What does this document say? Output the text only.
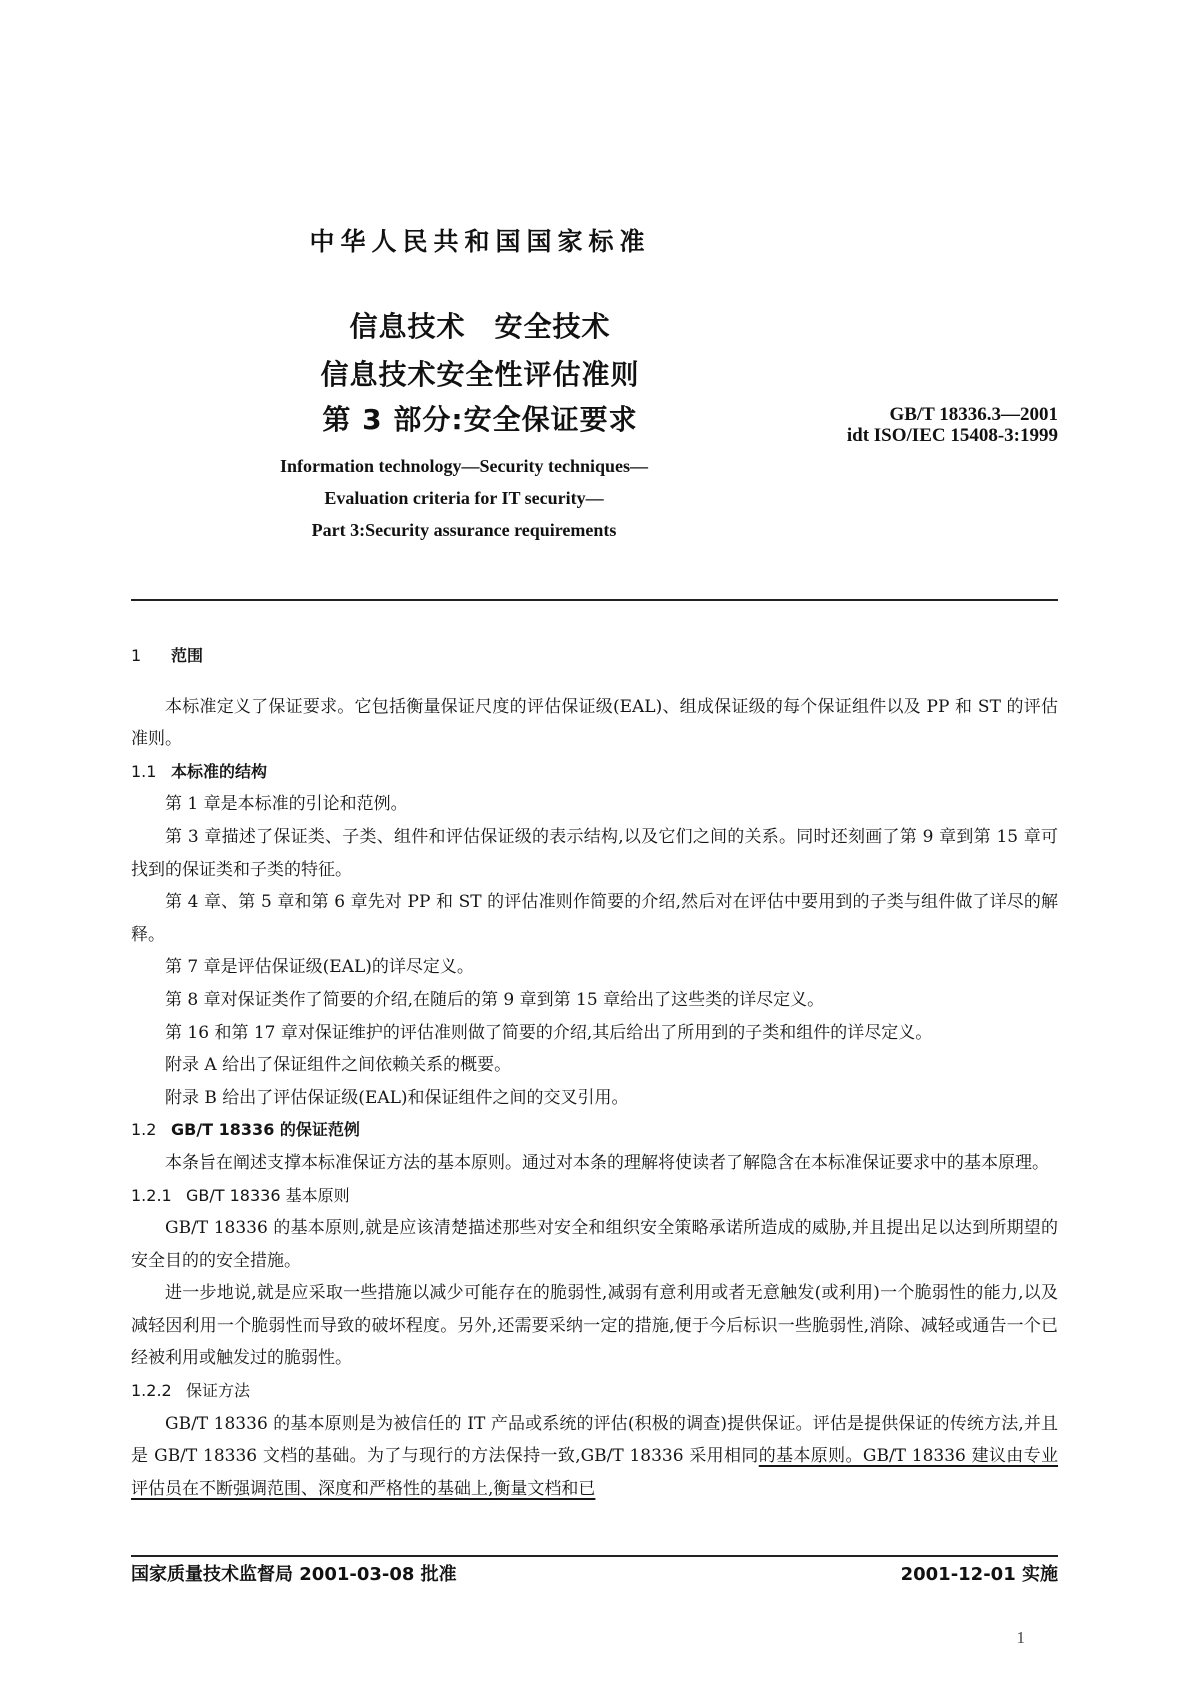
中华人民共和国国家标准
信息技术　安全技术
信息技术安全性评估准则
第 3 部分:安全保证要求	GB/T 18336.3—2001
idt ISO/IEC 15408-3:1999
Information technology—Security techniques—
Evaluation criteria for IT security—
Part 3:Security assurance requirements

1 范围

本标准定义了保证要求。它包括衡量保证尺度的评估保证级(EAL)、组成保证级的每个保证组件以及 PP 和 ST 的评估准则。

1.1 本标准的结构

第 1 章是本标准的引论和范例。

第 3 章描述了保证类、子类、组件和评估保证级的表示结构,以及它们之间的关系。同时还刻画了第 9 章到第 15 章可找到的保证类和子类的特征。

第 4 章、第 5 章和第 6 章先对 PP 和 ST 的评估准则作简要的介绍,然后对在评估中要用到的子类与组件做了详尽的解释。

第 7 章是评估保证级(EAL)的详尽定义。

第 8 章对保证类作了简要的介绍,在随后的第 9 章到第 15 章给出了这些类的详尽定义。

第 16 和第 17 章对保证维护的评估准则做了简要的介绍,其后给出了所用到的子类和组件的详尽定义。

附录 A 给出了保证组件之间依赖关系的概要。

附录 B 给出了评估保证级(EAL)和保证组件之间的交叉引用。

1.2 GB/T 18336 的保证范例

本条旨在阐述支撑本标准保证方法的基本原则。通过对本条的理解将使读者了解隐含在本标准保证要求中的基本原理。

1.2.1 GB/T 18336 基本原则

GB/T 18336 的基本原则,就是应该清楚描述那些对安全和组织安全策略承诺所造成的威胁,并且提出足以达到所期望的安全目的的安全措施。

进一步地说,就是应采取一些措施以减少可能存在的脆弱性,减弱有意利用或者无意触发(或利用)一个脆弱性的能力,以及减轻因利用一个脆弱性而导致的破坏程度。另外,还需要采纳一定的措施,便于今后标识一些脆弱性,消除、减轻或通告一个已经被利用或触发过的脆弱性。

1.2.2 保证方法

GB/T 18336 的基本原则是为被信任的 IT 产品或系统的评估(积极的调查)提供保证。评估是提供保证的传统方法,并且是 GB/T 18336 文档的基础。为了与现行的方法保持一致,GB/T 18336 采用相同的基本原则。GB/T 18336 建议由专业评估员在不断强调范围、深度和严格性的基础上,衡量文档和已

国家质量技术监督局 2001-03-08 批准	2001-12-01 实施
1
